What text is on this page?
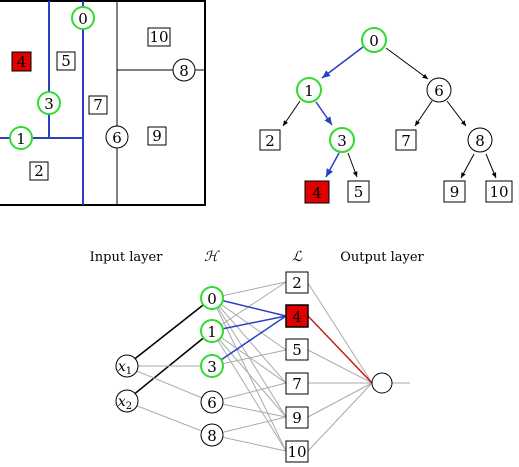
4 5
7
10
9
2
0
1
3
6
8
0
1	6
3	8
2	7
4 5	9 10
Input layer	ℋ	ℒ	Output layer
$x_1$
$x_2$
0
1
3
6
8
2
4
5
7
9
10
